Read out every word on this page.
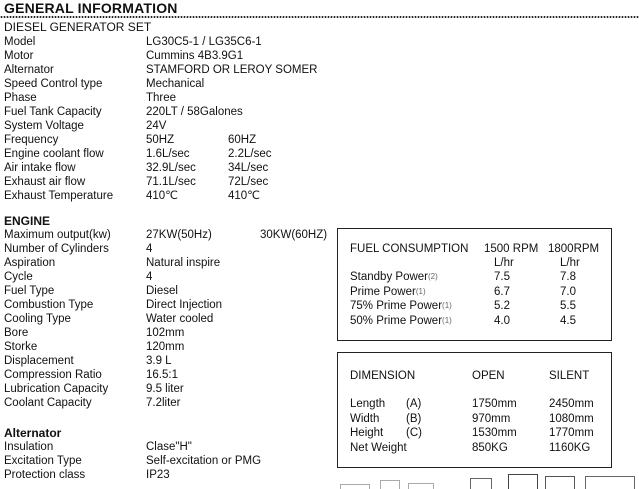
GENERAL INFORMATION
DIESEL GENERATOR SET
Model	LG30C5-1 / LG35C6-1
Motor	Cummins 4B3.9G1
Alternator	STAMFORD OR LEROY SOMER
Speed Control type	Mechanical
Phase	Three
Fuel Tank Capacity	220LT / 58Galones
System Voltage	24V
Frequency	50HZ	60HZ
Engine coolant flow	1.6L/sec	2.2L/sec
Air intake flow	32.9L/sec	34L/sec
Exhaust air flow	71.1L/sec	72L/sec
Exhaust Temperature	410℃	410℃
ENGINE
Maximum output(kw)	27KW(50Hz)	30KW(60HZ)
Number of Cylinders	4
Aspiration	Natural inspire
Cycle	4
Fuel Type	Diesel
Combustion Type	Direct Injection
Cooling Type	Water cooled
Bore	102mm
Storke	120mm
Displacement	3.9 L
Compression Ratio	16.5:1
Lubrication Capacity	9.5 liter
Coolant Capacity	7.2liter
Alternator
Insulation	Clase"H"
Excitation Type	Self-excitation or PMG
Protection class	IP23
FUEL CONSUMPTION 1500 RPM 1800RPM
L/hr	L/hr
Standby Power(2)	7.5	7.8
Prime Power(1)	6.7	7.0
75% Prime Power(1)	5.2	5.5
50% Prime Power(1)	4.0	4.5
DIMENSION	OPEN	SILENT
Length (A)	1750mm	2450mm
Width (B)	970mm	1080mm
Height (C)	1530mm	1770mm
Net Weight	850KG	1160KG
